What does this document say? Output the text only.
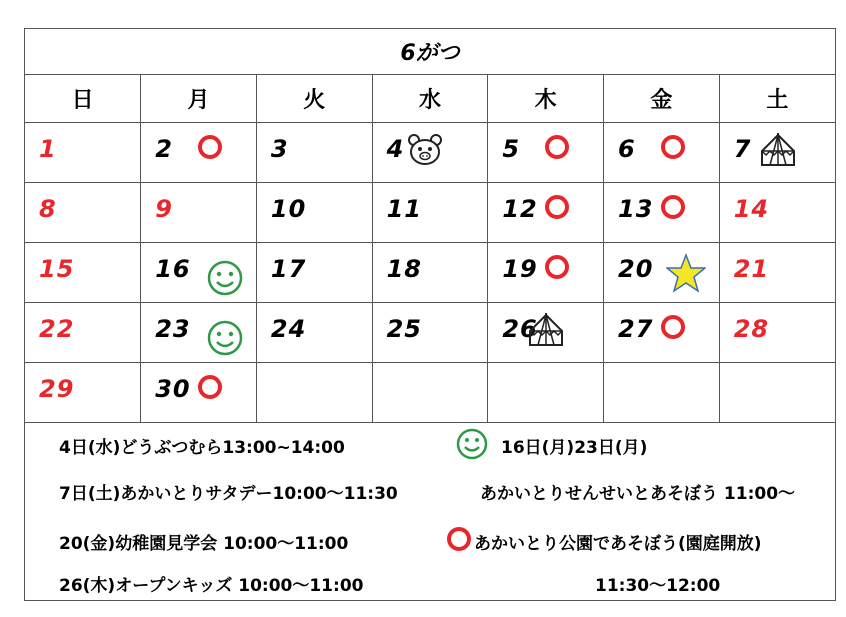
6がつ
日	月	火	水	木	金	土

1	2	3	4	5	6	7

8	9	10	11	12	13	14

15	16	17	18	19	20	21

22	23	24	25	26	27	28

29	30					

4日(水)どうぶつむら13:00~14:00	16日(月)23日(月)
7日(土)あかいとりサタデー10:00〜11:30	あかいとりせんせいとあそぼう 11:00〜
20(金)幼稚園見学会 10:00〜11:00	あかいとり公園であそぼう(園庭開放)
26(木)オープンキッズ 10:00〜11:00	11:30〜12:00
